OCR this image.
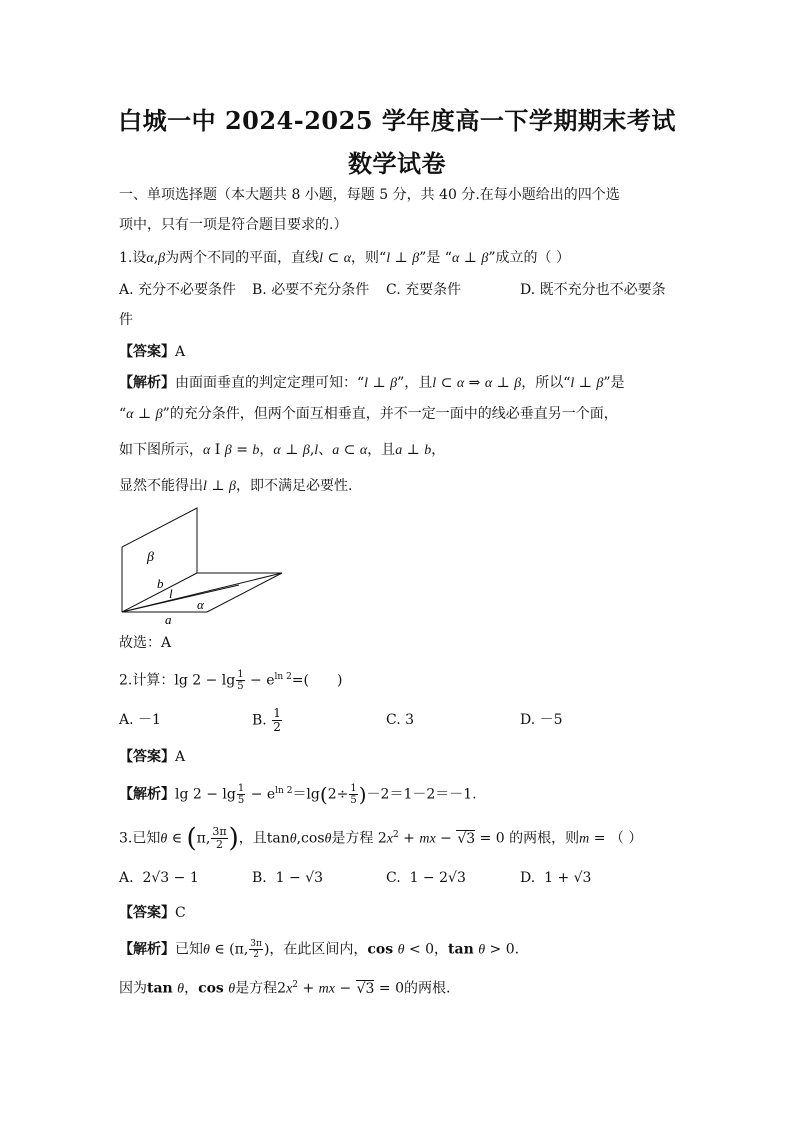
白城一中 2024-2025 学年度高一下学期期末考试
数学试卷
一、单项选择题（本大题共 8 小题，每题 5 分，共 40 分.在每小题给出的四个选
项中，只有一项是符合题目要求的.）
1.设α,β为两个不同的平面，直线l ⊂ α，则“l ⊥ β”是 “α ⊥ β”成立的（ ）
A. 充分不必要条件 B. 必要不充分条件 C. 充要条件	D. 既不充分也不必要条
件
【答案】A
【解析】由面面垂直的判定定理可知：“l ⊥ β”，且l ⊂ α ⇒ α ⊥ β，所以“l ⊥ β”是
“α ⊥ β”的充分条件，但两个面互相垂直，并不一定一面中的线必垂直另一个面，
如下图所示，α I β = b，α ⊥ β,l、a ⊂ α，且a ⊥ b，
显然不能得出l ⊥ β，即不满足必要性.
β
b
l
α
a
故选：A
2.计算：$\lg 2 - \lg \frac{1}{5} - e^{ln 2}=$(　　)
A. －1	B. $\frac{1}{2}$	C. 3	D. －5
【答案】A
【解析】$\lg 2 - \lg \frac{1}{5} - e^{ln 2}=\lg(2\div \frac{1}{5} )-2=1-2=-1$.
3.已知θ ∈ (π, $\frac{3\pi}{2}$ )，且tanθ,cosθ是方程 $2x^2$ + mx − √3 = 0 的两根，则m = （ ）
A. 2√3 − 1	B. 1 − √3	C. 1 − 2√3	D. 1 + √3
【答案】C
【解析】已知θ ∈ (π, $\frac{3\pi}{2}$ )，在此区间内，cos θ < 0，tan θ > 0.
因为tan θ，cos θ是方程$2x^2$ + mx − √3 = 0的两根.
